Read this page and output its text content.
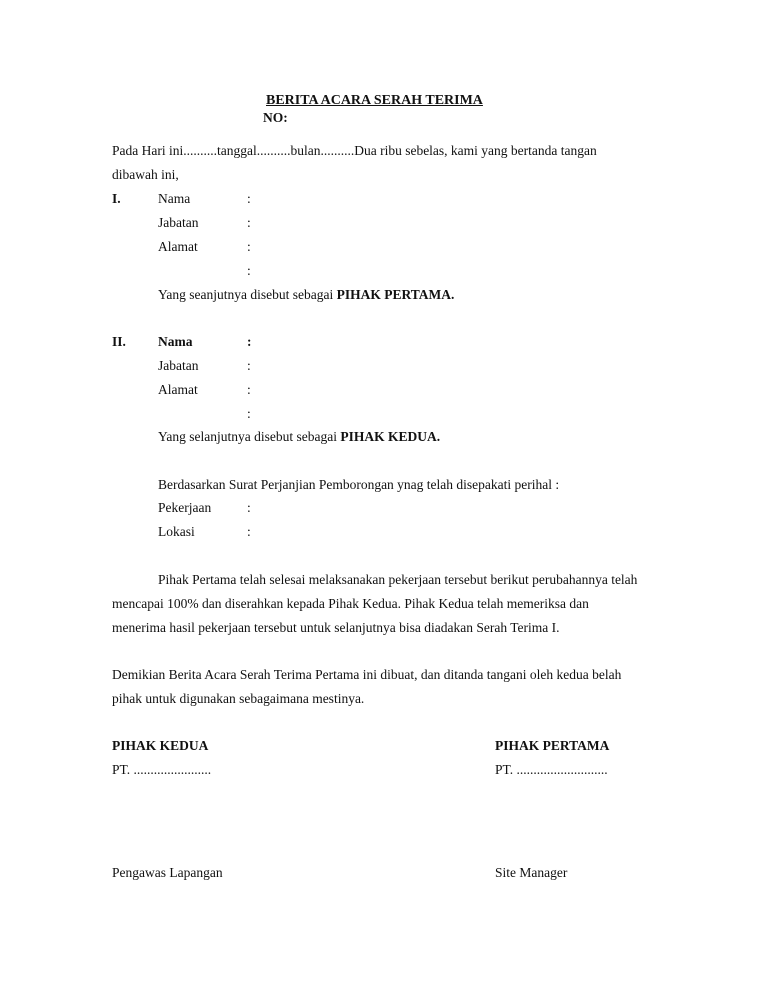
BERITA ACARA SERAH TERIMA
NO:
Pada Hari ini..........tanggal..........bulan..........Dua ribu sebelas, kami yang bertanda tangan
dibawah ini,
I.	Nama	:
Jabatan	:
Alamat	:
:
Yang seanjutnya disebut sebagai PIHAK PERTAMA.
II. Nama	:
Jabatan	:
Alamat	:
:
Yang selanjutnya disebut sebagai PIHAK KEDUA.
Berdasarkan Surat Perjanjian Pemborongan ynag telah disepakati perihal :
Pekerjaan	:
Lokasi	:
Pihak Pertama telah selesai melaksanakan pekerjaan tersebut berikut perubahannya telah
mencapai 100% dan diserahkan kepada Pihak Kedua. Pihak Kedua telah memeriksa dan
menerima hasil pekerjaan tersebut untuk selanjutnya bisa diadakan Serah Terima I.
Demikian Berita Acara Serah Terima Pertama ini dibuat, dan ditanda tangani oleh kedua belah
pihak untuk digunakan sebagaimana mestinya.
PIHAK KEDUA	PIHAK PERTAMA
PT. .......................	PT. ...........................
Pengawas Lapangan	Site Manager
